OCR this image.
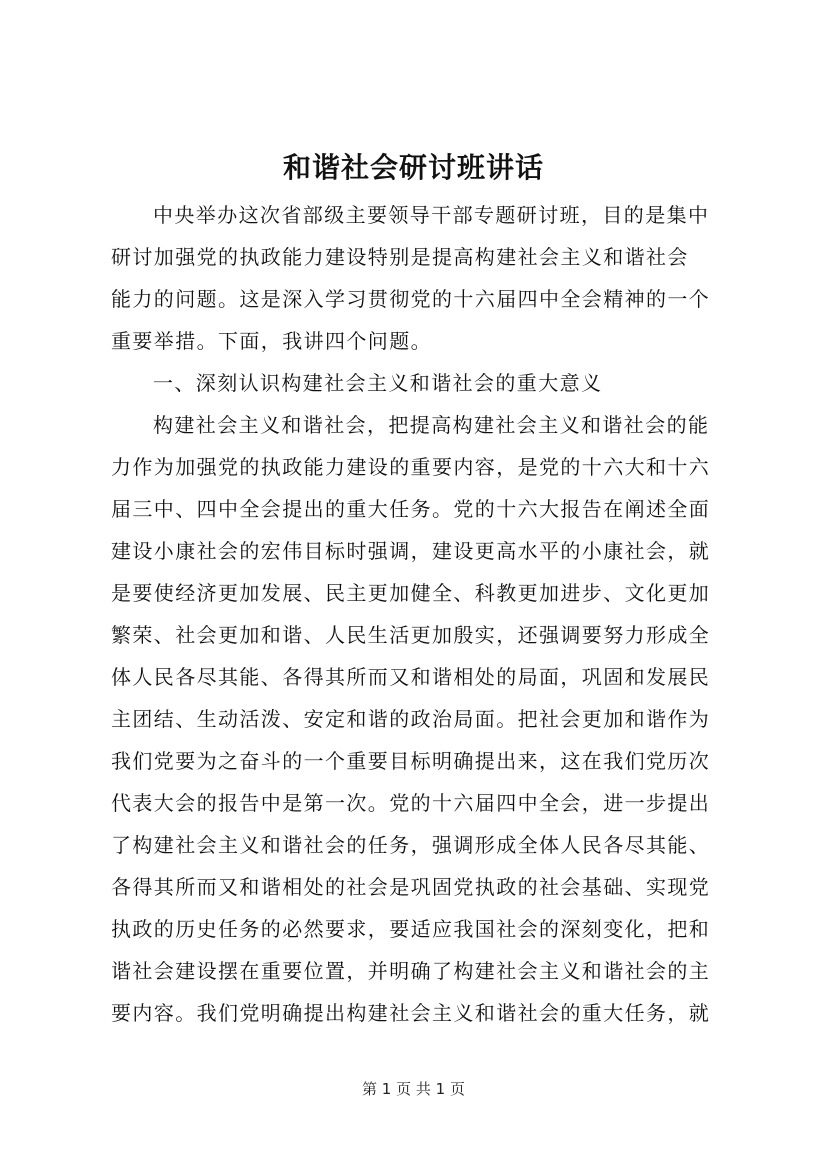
和谐社会研讨班讲话
中央举办这次省部级主要领导干部专题研讨班，目的是集中
研讨加强党的执政能力建设特别是提高构建社会主义和谐社会
能力的问题。这是深入学习贯彻党的十六届四中全会精神的一个
重要举措。下面，我讲四个问题。
一、深刻认识构建社会主义和谐社会的重大意义
构建社会主义和谐社会，把提高构建社会主义和谐社会的能
力作为加强党的执政能力建设的重要内容，是党的十六大和十六
届三中、四中全会提出的重大任务。党的十六大报告在阐述全面
建设小康社会的宏伟目标时强调，建设更高水平的小康社会，就
是要使经济更加发展、民主更加健全、科教更加进步、文化更加
繁荣、社会更加和谐、人民生活更加殷实，还强调要努力形成全
体人民各尽其能、各得其所而又和谐相处的局面，巩固和发展民
主团结、生动活泼、安定和谐的政治局面。把社会更加和谐作为
我们党要为之奋斗的一个重要目标明确提出来，这在我们党历次
代表大会的报告中是第一次。党的十六届四中全会，进一步提出
了构建社会主义和谐社会的任务，强调形成全体人民各尽其能、
各得其所而又和谐相处的社会是巩固党执政的社会基础、实现党
执政的历史任务的必然要求，要适应我国社会的深刻变化，把和
谐社会建设摆在重要位置，并明确了构建社会主义和谐社会的主
要内容。我们党明确提出构建社会主义和谐社会的重大任务，就
第 1 页 共 1 页
